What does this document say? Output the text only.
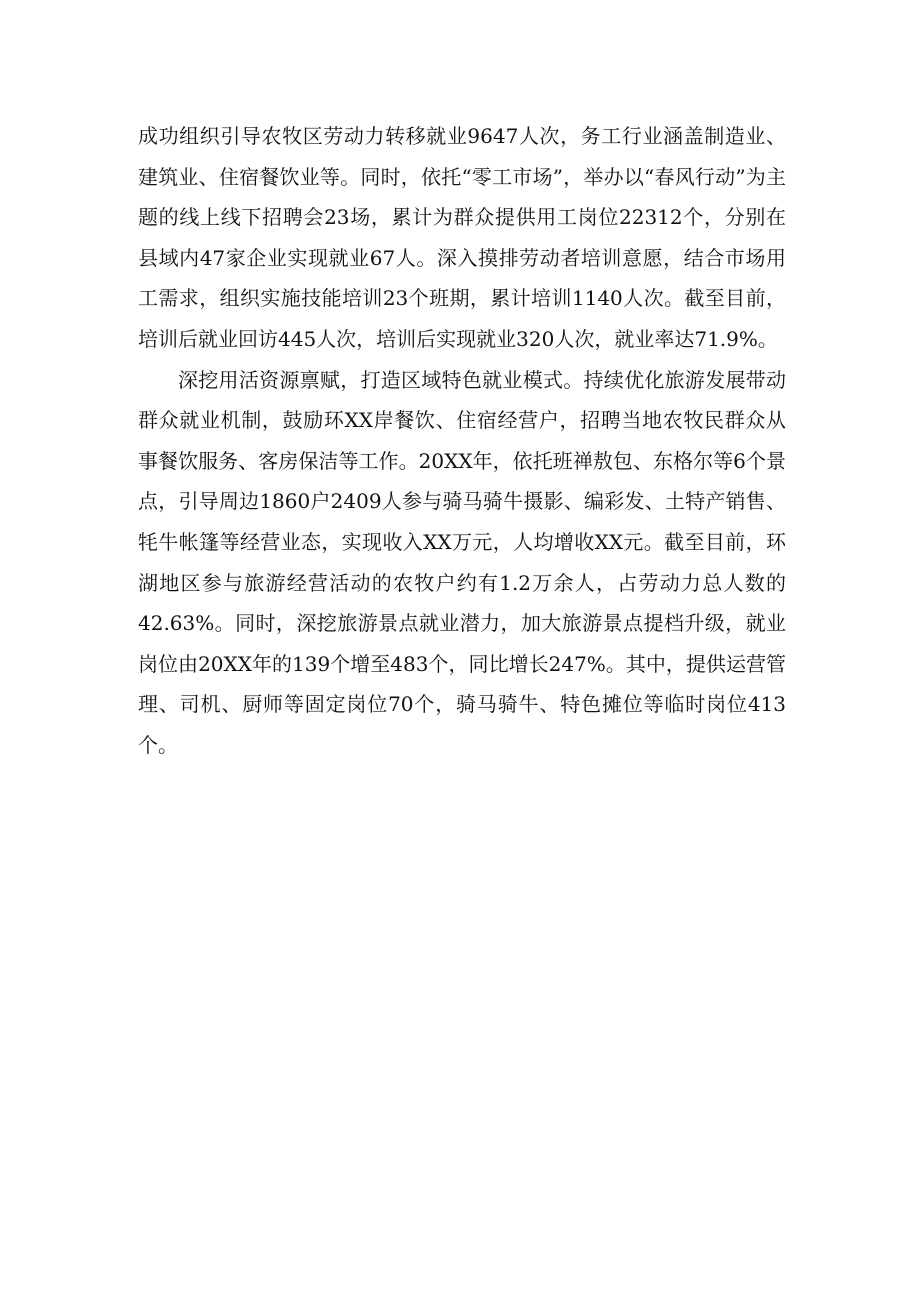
成功组织引导农牧区劳动力转移就业9647人次，务工行业涵盖制造业、建筑业、住宿餐饮业等。同时，依托“零工市场”，举办以“春风行动”为主题的线上线下招聘会23场，累计为群众提供用工岗位22312个，分别在县域内47家企业实现就业67人。深入摸排劳动者培训意愿，结合市场用工需求，组织实施技能培训23个班期，累计培训1140人次。截至目前，培训后就业回访445人次，培训后实现就业320人次，就业率达71.9%。

深挖用活资源禀赋，打造区域特色就业模式。持续优化旅游发展带动群众就业机制，鼓励环XX岸餐饮、住宿经营户，招聘当地农牧民群众从事餐饮服务、客房保洁等工作。20XX年，依托班禅敖包、东格尔等6个景点，引导周边1860户2409人参与骑马骑牛摄影、编彩发、土特产销售、牦牛帐篷等经营业态，实现收入XX万元，人均增收XX元。截至目前，环湖地区参与旅游经营活动的农牧户约有1.2万余人，占劳动力总人数的42.63%。同时，深挖旅游景点就业潜力，加大旅游景点提档升级，就业岗位由20XX年的139个增至483个，同比增长247%。其中，提供运营管理、司机、厨师等固定岗位70个，骑马骑牛、特色摊位等临时岗位413个。
